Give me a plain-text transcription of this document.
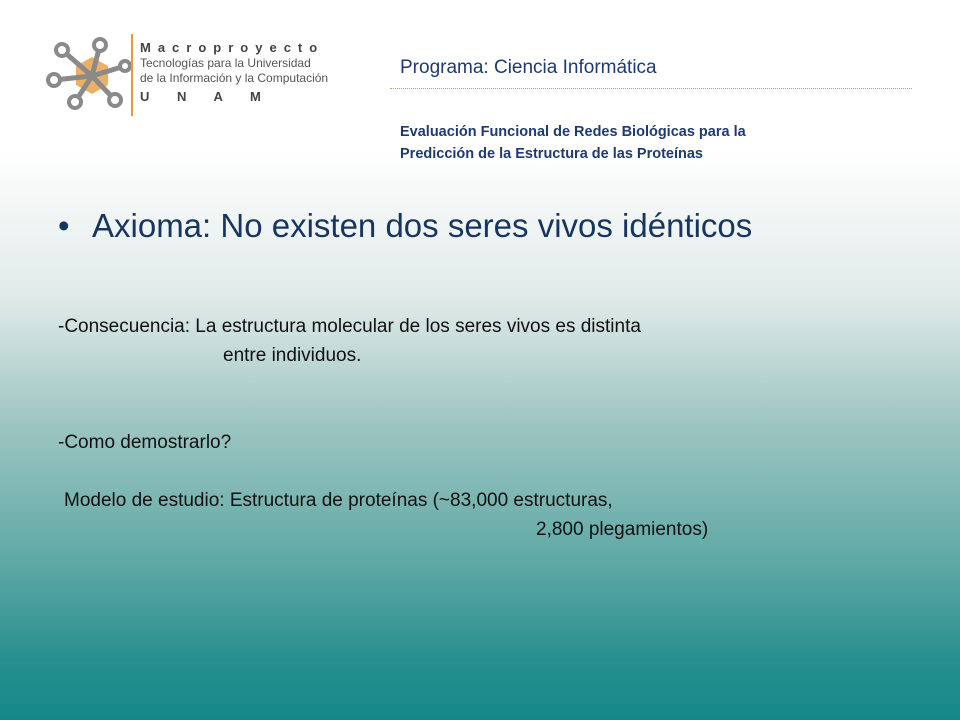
Macroproyecto
Tecnologías para la Universidad
de la Información y la Computación
U N A M
Programa: Ciencia Informática
Evaluación Funcional de Redes Biológicas para la
Predicción de la Estructura de las Proteínas
• Axioma: No existen dos seres vivos idénticos
-Consecuencia: La estructura molecular de los seres vivos es distinta
entre individuos.
-Como demostrarlo?
Modelo de estudio: Estructura de proteínas (~83,000 estructuras,
2,800 plegamientos)
